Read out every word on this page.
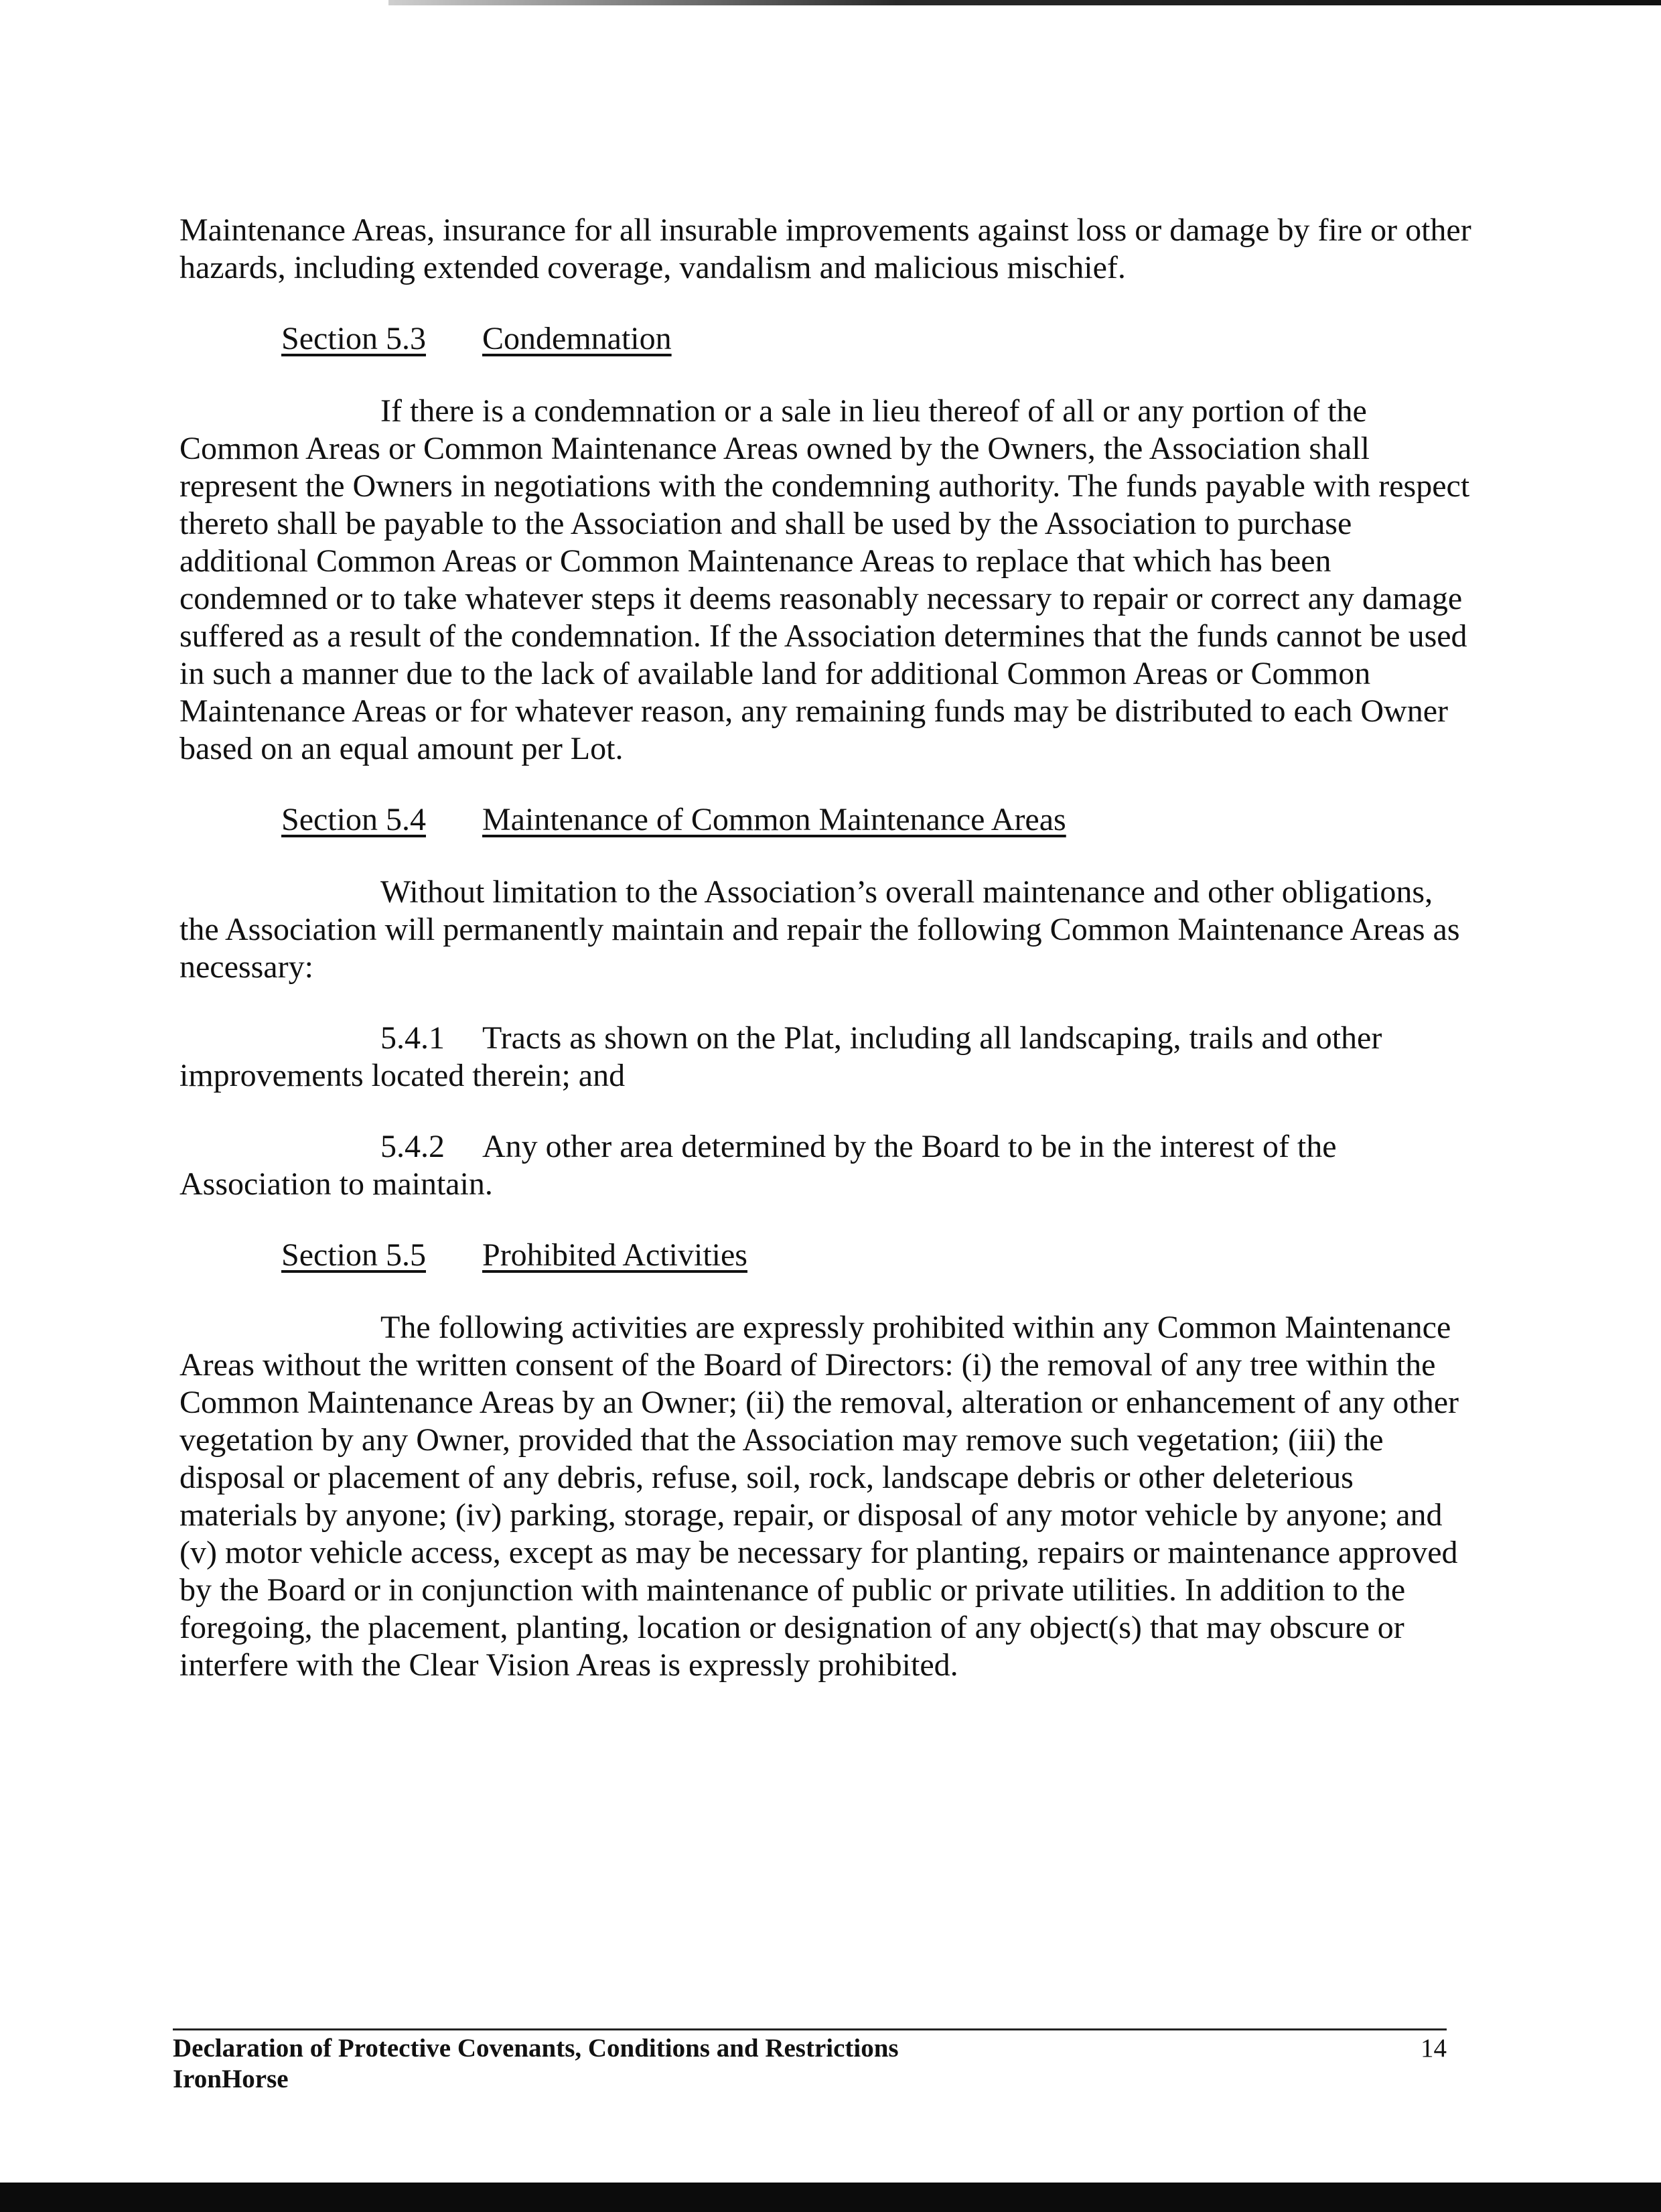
Maintenance Areas, insurance for all insurable improvements against loss or damage by fire or other hazards, including extended coverage, vandalism and malicious mischief.

Section 5.3 Condemnation

If there is a condemnation or a sale in lieu thereof of all or any portion of the Common Areas or Common Maintenance Areas owned by the Owners, the Association shall represent the Owners in negotiations with the condemning authority. The funds payable with respect thereto shall be payable to the Association and shall be used by the Association to purchase additional Common Areas or Common Maintenance Areas to replace that which has been condemned or to take whatever steps it deems reasonably necessary to repair or correct any damage suffered as a result of the condemnation. If the Association determines that the funds cannot be used in such a manner due to the lack of available land for additional Common Areas or Common Maintenance Areas or for whatever reason, any remaining funds may be distributed to each Owner based on an equal amount per Lot.

Section 5.4 Maintenance of Common Maintenance Areas

Without limitation to the Association’s overall maintenance and other obligations, the Association will permanently maintain and repair the following Common Maintenance Areas as necessary:

5.4.1 Tracts as shown on the Plat, including all landscaping, trails and other improvements located therein; and

5.4.2 Any other area determined by the Board to be in the interest of the Association to maintain.

Section 5.5 Prohibited Activities

The following activities are expressly prohibited within any Common Maintenance Areas without the written consent of the Board of Directors: (i) the removal of any tree within the Common Maintenance Areas by an Owner; (ii) the removal, alteration or enhancement of any other vegetation by any Owner, provided that the Association may remove such vegetation; (iii) the disposal or placement of any debris, refuse, soil, rock, landscape debris or other deleterious materials by anyone; (iv) parking, storage, repair, or disposal of any motor vehicle by anyone; and (v) motor vehicle access, except as may be necessary for planting, repairs or maintenance approved by the Board or in conjunction with maintenance of public or private utilities. In addition to the foregoing, the placement, planting, location or designation of any object(s) that may obscure or interfere with the Clear Vision Areas is expressly prohibited.

Declaration of Protective Covenants, Conditions and Restrictions
IronHorse
14
